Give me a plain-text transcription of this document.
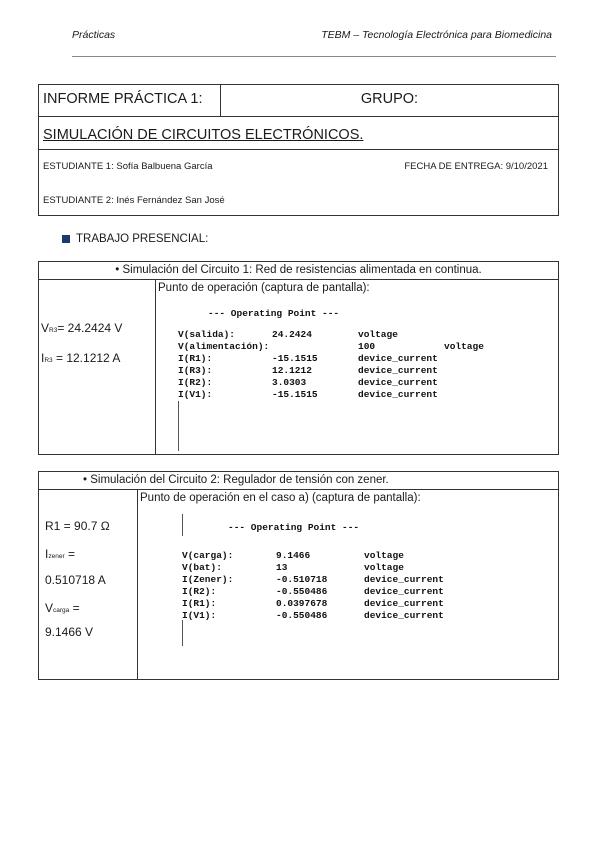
Prácticas	TEBM – Tecnología Electrónica para Biomedicina
INFORME PRÁCTICA 1:	GRUPO:
SIMULACIÓN DE CIRCUITOS ELECTRÓNICOS.
ESTUDIANTE 1: Sofía Balbuena García	FECHA DE ENTREGA: 9/10/2021
ESTUDIANTE 2: Inés Fernández San José
TRABAJO PRESENCIAL:
• Simulación del Circuito 1: Red de resistencias alimentada en continua.
VR3= 24.2424 V
IR3 = 12.1212 A
Punto de operación (captura de pantalla):
--- Operating Point ---
V(salida):	24.2424	voltage
V(alimentación):	100	voltage
I(R1):	-15.1515	device_current
I(R3):	12.1212	device_current
I(R2):	3.0303	device_current
I(V1):	-15.1515	device_current
• Simulación del Circuito 2: Regulador de tensión con zener.
R1 = 90.7 Ω
Izener =
0.510718 A
Vcarga =
9.1466 V
Punto de operación en el caso a) (captura de pantalla):
--- Operating Point ---
V(carga):	9.1466	voltage
V(bat):	13	voltage
I(Zener):	-0.510718	device_current
I(R2):	-0.550486	device_current
I(R1):	0.0397678	device_current
I(V1):	-0.550486	device_current
